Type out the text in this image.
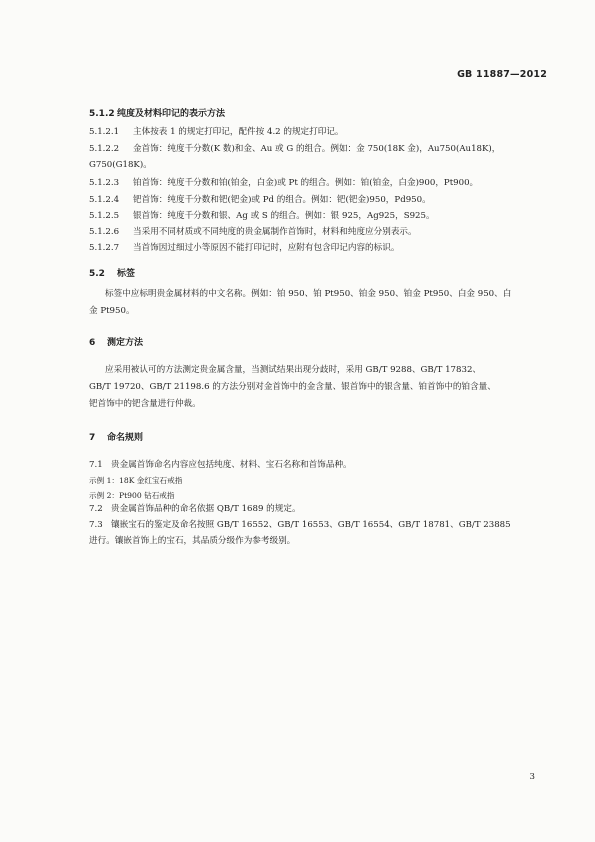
GB 11887—2012
5.1.2 纯度及材料印记的表示方法
5.1.2.1 主体按表 1 的规定打印记，配件按 4.2 的规定打印记。
5.1.2.2 金首饰：纯度千分数(K 数)和金、Au 或 G 的组合。例如：金 750(18K 金)，Au750(Au18K)，
G750(G18K)。
5.1.2.3 铂首饰：纯度千分数和铂(铂金，白金)或 Pt 的组合。例如：铂(铂金，白金)900，Pt900。
5.1.2.4 钯首饰：纯度千分数和钯(钯金)或 Pd 的组合。例如：钯(钯金)950，Pd950。
5.1.2.5 银首饰：纯度千分数和银、Ag 或 S 的组合。例如：银 925，Ag925，S925。
5.1.2.6 当采用不同材质或不同纯度的贵金属制作首饰时，材料和纯度应分别表示。
5.1.2.7 当首饰因过细过小等原因不能打印记时，应附有包含印记内容的标识。
5.2 标签
标签中应标明贵金属材料的中文名称。例如：铂 950、铂 Pt950、铂金 950、铂金 Pt950、白金 950、白
金 Pt950。
6 测定方法
应采用被认可的方法测定贵金属含量，当测试结果出现分歧时，采用 GB/T 9288、GB/T 17832、
GB/T 19720、GB/T 21198.6 的方法分别对金首饰中的金含量、银首饰中的银含量、铂首饰中的铂含量、
钯首饰中的钯含量进行仲裁。
7 命名规则
7.1 贵金属首饰命名内容应包括纯度、材料、宝石名称和首饰品种。
示例 1：18K 金红宝石戒指
示例 2：Pt900 钻石戒指
7.2 贵金属首饰品种的命名依据 QB/T 1689 的规定。
7.3 镶嵌宝石的鉴定及命名按照 GB/T 16552、GB/T 16553、GB/T 16554、GB/T 18781、GB/T 23885
进行。镶嵌首饰上的宝石，其品质分级作为参考级别。
3
